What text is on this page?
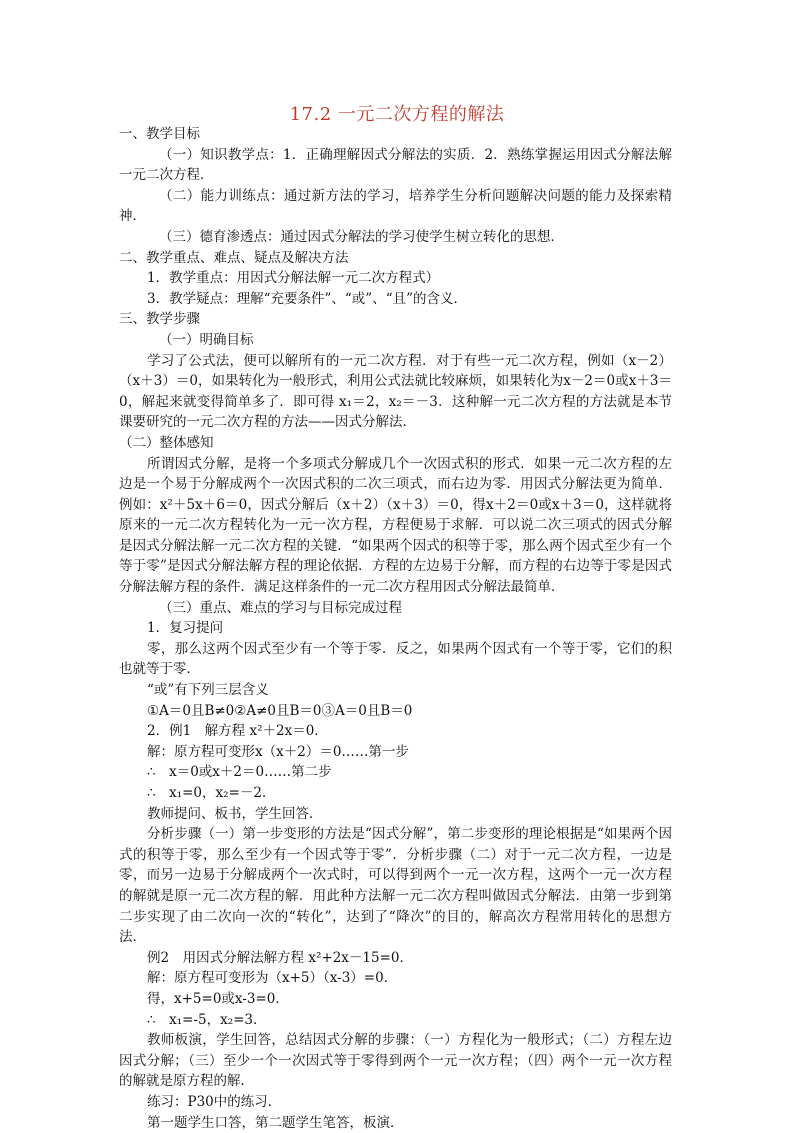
17.2 一元二次方程的解法

一、教学目标

（一）知识教学点：1．正确理解因式分解法的实质．2．熟练掌握运用因式分解法解一元二次方程．

（二）能力训练点：通过新方法的学习，培养学生分析问题解决问题的能力及探索精神．

（三）德育渗透点：通过因式分解法的学习使学生树立转化的思想．

二、教学重点、难点、疑点及解决方法

1．教学重点：用因式分解法解一元二次方程式）

3．教学疑点：理解“充要条件”、“或”、“且”的含义．

三、教学步骤

（一）明确目标

学习了公式法，便可以解所有的一元二次方程．对于有些一元二次方程，例如（x－2）（x＋3）＝0，如果转化为一般形式，利用公式法就比较麻烦，如果转化为x－2＝0或x＋3＝0，解起来就变得简单多了．即可得 x₁＝2，x₂＝－3．这种解一元二次方程的方法就是本节课要研究的一元二次方程的方法——因式分解法．

（二）整体感知

所谓因式分解，是将一个多项式分解成几个一次因式积的形式．如果一元二次方程的左边是一个易于分解成两个一次因式积的二次三项式，而右边为零．用因式分解法更为简单．例如：x²＋5x＋6＝0，因式分解后（x＋2）（x＋3）＝0，得x＋2＝0或x＋3＝0，这样就将原来的一元二次方程转化为一元一次方程，方程便易于求解．可以说二次三项式的因式分解是因式分解法解一元二次方程的关键．“如果两个因式的积等于零，那么两个因式至少有一个等于零”是因式分解法解方程的理论依据．方程的左边易于分解，而方程的右边等于零是因式分解法解方程的条件．满足这样条件的一元二次方程用因式分解法最简单．

（三）重点、难点的学习与目标完成过程

1．复习提问

零，那么这两个因式至少有一个等于零．反之，如果两个因式有一个等于零，它们的积也就等于零．

“或”有下列三层含义

①A＝0且B≠0②A≠0且B＝0③A＝0且B＝0

2．例1　解方程 x²＋2x＝0．

解：原方程可变形x（x＋2）＝0……第一步

∴　x＝0或x＋2＝0……第二步

∴　x₁=0，x₂=－2．

教师提问、板书，学生回答．

分析步骤（一）第一步变形的方法是“因式分解”，第二步变形的理论根据是“如果两个因式的积等于零，那么至少有一个因式等于零”．分析步骤（二）对于一元二次方程，一边是零，而另一边易于分解成两个一次式时，可以得到两个一元一次方程，这两个一元一次方程的解就是原一元二次方程的解．用此种方法解一元二次方程叫做因式分解法．由第一步到第二步实现了由二次向一次的“转化”，达到了“降次”的目的，解高次方程常用转化的思想方法．

例2　用因式分解法解方程 x²+2x－15=0．

解：原方程可变形为（x+5）（x-3）=0．

得，x+5=0或x-3=0．

∴　x₁=-5，x₂=3．

教师板演，学生回答，总结因式分解的步骤：（一）方程化为一般形式；（二）方程左边因式分解；（三）至少一个一次因式等于零得到两个一元一次方程；（四）两个一元一次方程的解就是原方程的解．

练习：P30中的练习．

第一题学生口答，第二题学生笔答，板演．
